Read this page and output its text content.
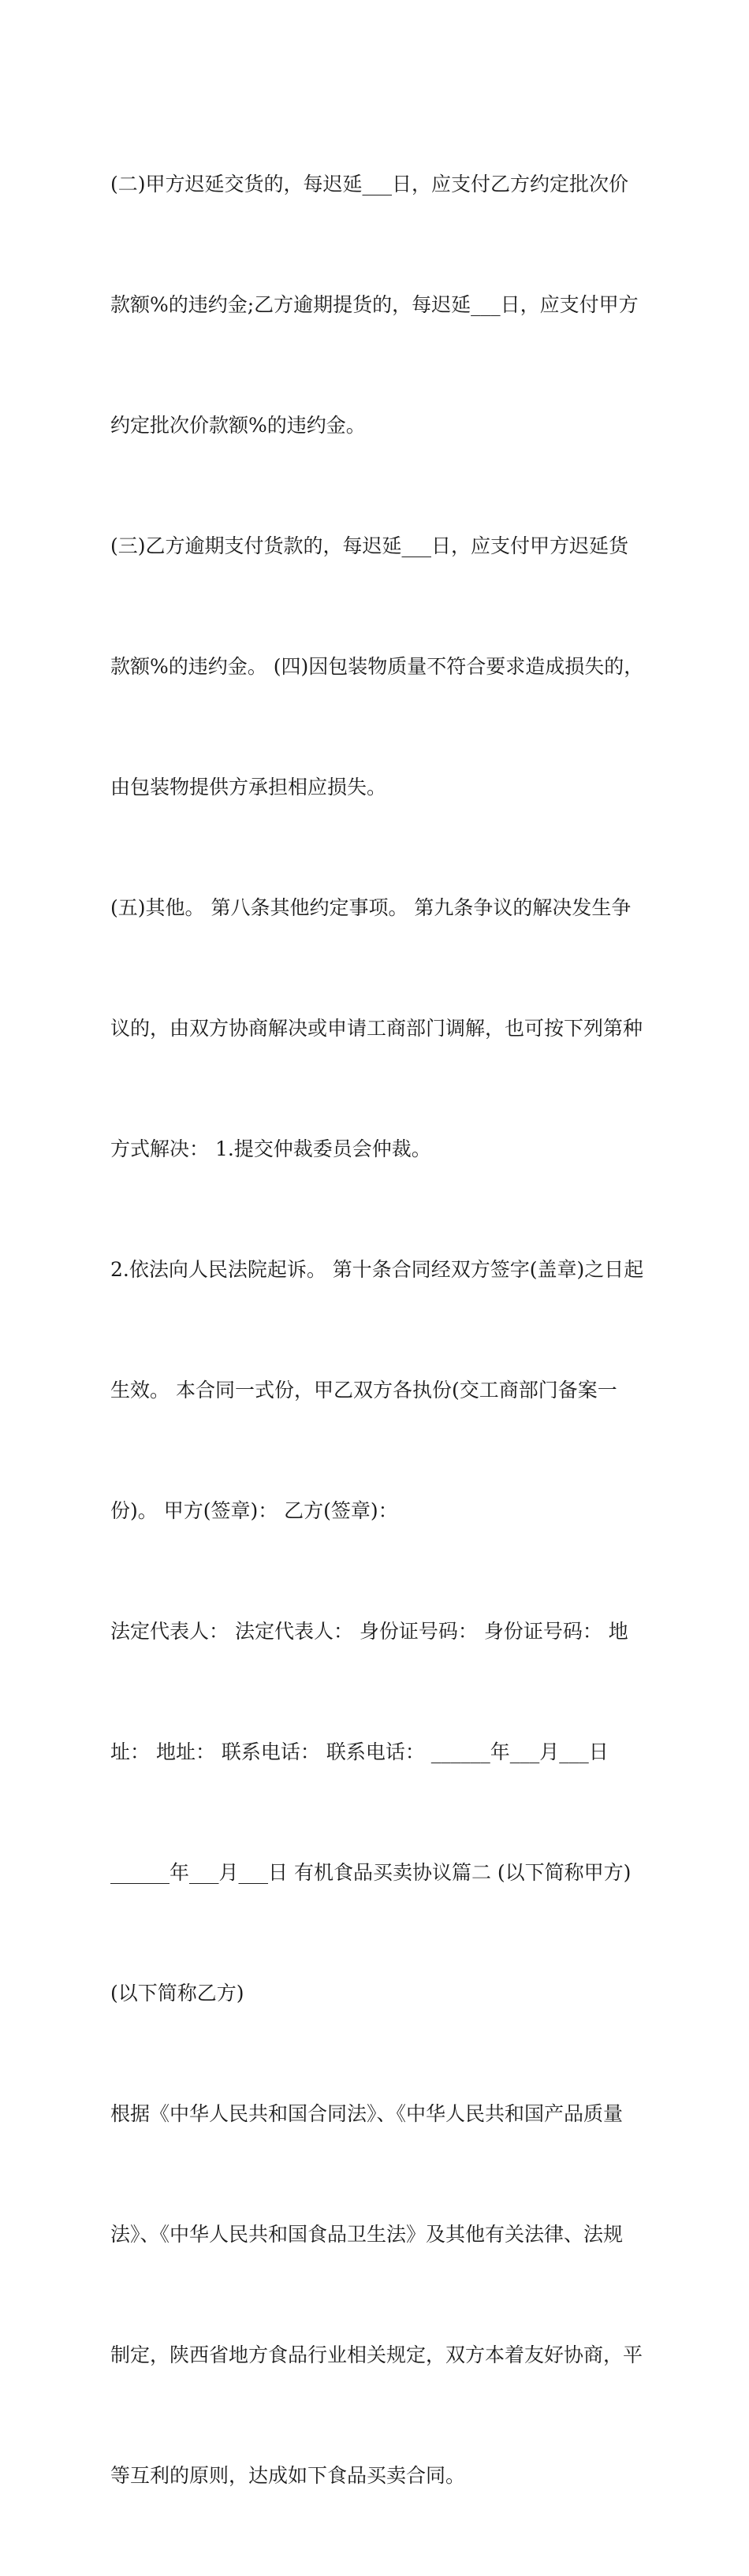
(二)甲方迟延交货的，每迟延___日，应支付乙方约定批次价

款额%的违约金;乙方逾期提货的，每迟延___日，应支付甲方

约定批次价款额%的违约金。

(三)乙方逾期支付货款的，每迟延___日，应支付甲方迟延货

款额%的违约金。 (四)因包装物质量不符合要求造成损失的，

由包装物提供方承担相应损失。

(五)其他。 第八条其他约定事项。 第九条争议的解决发生争

议的，由双方协商解决或申请工商部门调解，也可按下列第种

方式解决： 1.提交仲裁委员会仲裁。

2.依法向人民法院起诉。 第十条合同经双方签字(盖章)之日起

生效。 本合同一式份，甲乙双方各执份(交工商部门备案一

份)。 甲方(签章)： 乙方(签章)：

法定代表人： 法定代表人： 身份证号码： 身份证号码： 地

址： 地址： 联系电话： 联系电话： ______年___月___日

______年___月___日 有机食品买卖协议篇二 (以下简称甲方)

(以下简称乙方)

根据《中华人民共和国合同法》、《中华人民共和国产品质量

法》、《中华人民共和国食品卫生法》及其他有关法律、法规

制定，陕西省地方食品行业相关规定，双方本着友好协商，平

等互利的原则，达成如下食品买卖合同。
